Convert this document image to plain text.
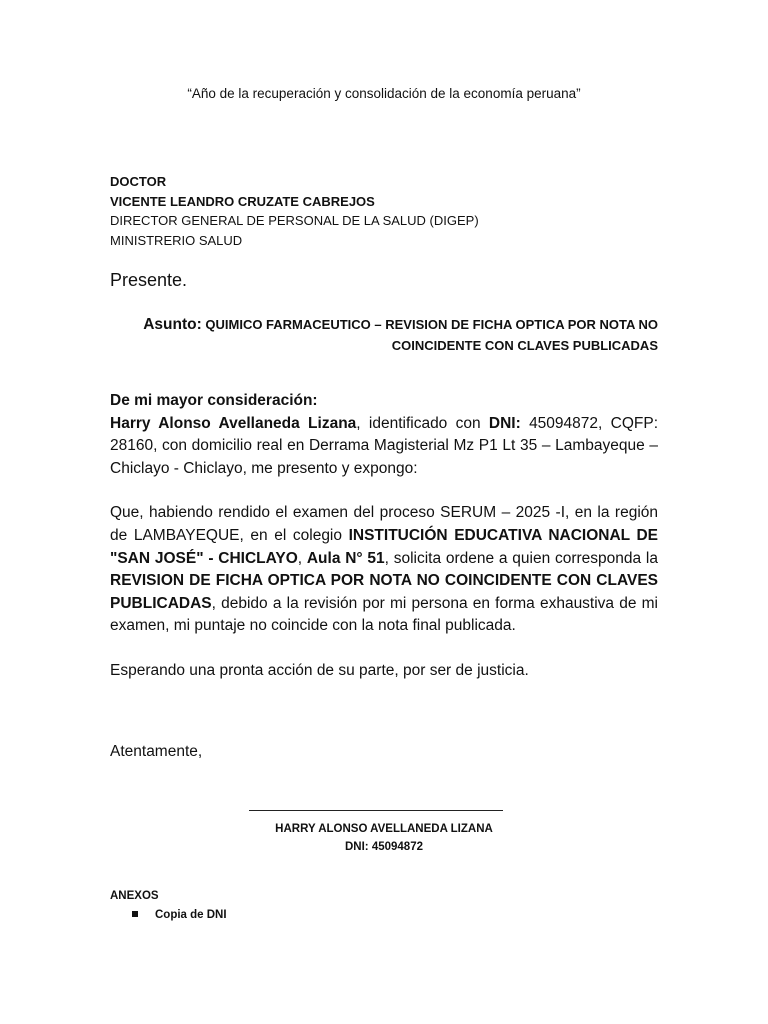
“Año de la recuperación y consolidación de la economía peruana”
DOCTOR
VICENTE LEANDRO CRUZATE CABREJOS
DIRECTOR GENERAL DE PERSONAL DE LA SALUD (DIGEP)
MINISTRERIO SALUD
Presente.
Asunto: QUIMICO FARMACEUTICO – REVISION DE FICHA OPTICA POR NOTA NO
COINCIDENTE CON CLAVES PUBLICADAS

De mi mayor consideración:

Harry Alonso Avellaneda Lizana, identificado con DNI: 45094872, CQFP: 28160, con domicilio real en Derrama Magisterial Mz P1 Lt 35 – Lambayeque – Chiclayo - Chiclayo, me presento y expongo:

Que, habiendo rendido el examen del proceso SERUM – 2025 -I, en la región de LAMBAYEQUE, en el colegio INSTITUCIÓN EDUCATIVA NACIONAL DE "SAN JOSÉ" - CHICLAYO, Aula N° 51, solicita ordene a quien corresponda la REVISION DE FICHA OPTICA POR NOTA NO COINCIDENTE CON CLAVES PUBLICADAS, debido a la revisión por mi persona en forma exhaustiva de mi examen, mi puntaje no coincide con la nota final publicada.

Esperando una pronta acción de su parte, por ser de justicia.

Atentamente,
HARRY ALONSO AVELLANEDA LIZANA
DNI: 45094872
ANEXOS
Copia de DNI
